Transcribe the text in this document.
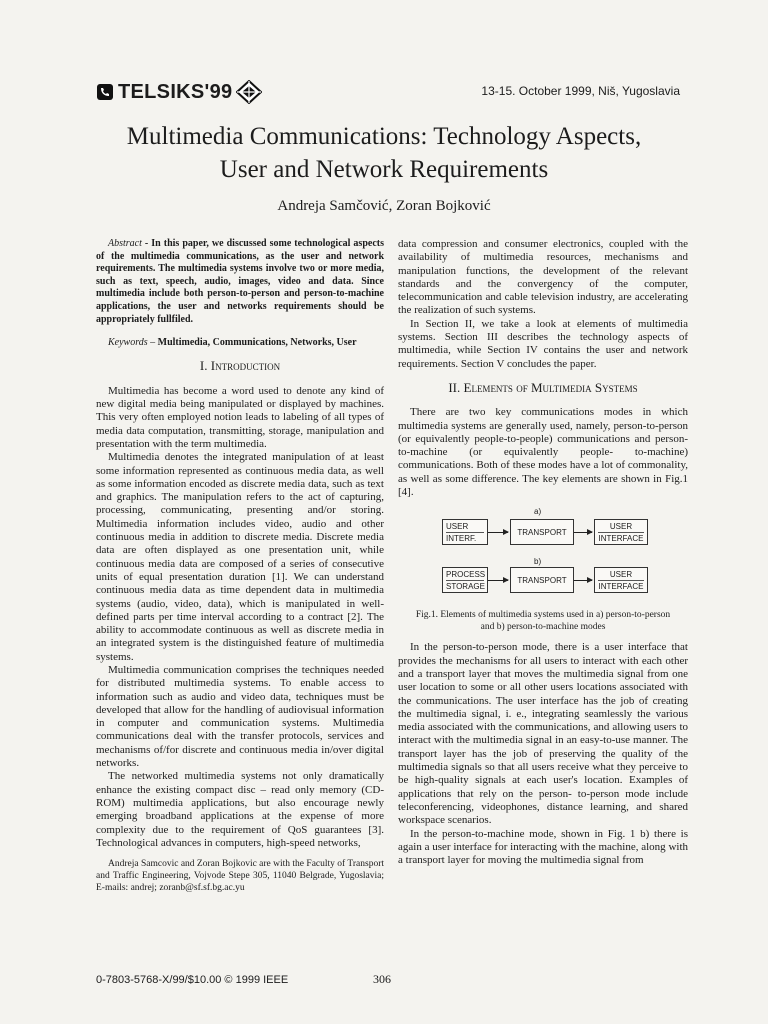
TELSIKS'99	13-15. October 1999, Niš, Yugoslavia
Multimedia Communications: Technology Aspects,
User and Network Requirements
Andreja Samčović, Zoran Bojković

Abstract - In this paper, we discussed some technological aspects of the multimedia communications, as the user and network requirements. The multimedia systems involve two or more media, such as text, speech, audio, images, video and data. Since multimedia include both person-to-person and person-to-machine applications, the user and networks requirements should be appropriately fullfiled.

Keywords – Multimedia, Communications, Networks, User

I. Introduction

Multimedia has become a word used to denote any kind of new digital media being manipulated or displayed by machines. This very often employed notion leads to labeling of all types of media data computation, transmitting, storage, manipulation and presentation with the term multimedia.

Multimedia denotes the integrated manipulation of at least some information represented as continuous media data, as well as some information encoded as discrete media data, such as text and graphics. The manipulation refers to the act of capturing, processing, communicating, presenting and/or storing. Multimedia information includes video, audio and other continuous media in addition to discrete media. Discrete media data are often displayed as one presentation unit, while continuous media data are composed of a series of consecutive units of equal presentation duration [1]. We can understand continuous media data as time dependent data in multimedia systems (audio, video, data), which is manipulated in well-defined parts per time interval according to a contract [2]. The ability to accommodate continuous as well as discrete media in an integrated system is the distinguished feature of multimedia systems.

Multimedia communication comprises the techniques needed for distributed multimedia systems. To enable access to information such as audio and video data, techniques must be developed that allow for the handling of audiovisual information in computer and communication systems. Multimedia communications deal with the transfer protocols, services and mechanisms of/for discrete and continuous media in/over digital networks.

The networked multimedia systems not only dramatically enhance the existing compact disc – read only memory (CD-ROM) multimedia applications, but also encourage newly emerging broadband applications at the expense of more complexity due to the requirement of QoS guarantees [3]. Technological advances in computers, high-speed networks,

Andreja Samcovic and Zoran Bojkovic are with the Faculty of Transport and Traffic Engineering, Vojvode Stepe 305, 11040 Belgrade, Yugoslavia; E-mails: andrej; zoranb@sf.sf.bg.ac.yu

data compression and consumer electronics, coupled with the availability of multimedia resources, mechanisms and manipulation functions, the development of the relevant standards and the convergency of the computer, telecommunication and cable television industry, are accelerating the realization of such systems.

In Section II, we take a look at elements of multimedia systems. Section III describes the technology aspects of multimedia, while Section IV contains the user and network requirements. Section V concludes the paper.

II. Elements of Multimedia Systems

There are two key communications modes in which multimedia systems are generally used, namely, person-to-person (or equivalently people-to-people) communications and person-to-machine (or equivalently people- to-machine) communications. Both of these modes have a lot of commonality, as well as some difference. The key elements are shown in Fig.1 [4].

a)
USER
INTERF.
TRANSPORT
USER
INTERFACE
b)
PROCESS
STORAGE
TRANSPORT
USER
INTERFACE

Fig.1. Elements of multimedia systems used in a) person-to-person
and b) person-to-machine modes

In the person-to-person mode, there is a user interface that provides the mechanisms for all users to interact with each other and a transport layer that moves the multimedia signal from one user location to some or all other users locations associated with the communications. The user interface has the job of creating the multimedia signal, i. e., integrating seamlessly the various media associated with the communications, and allowing users to interact with the multimedia signal in an easy-to-use manner. The transport layer has the job of preserving the quality of the multimedia signals so that all users receive what they perceive to be high-quality signals at each user's location. Examples of applications that rely on the person- to-person mode include teleconferencing, videophones, distance learning, and shared workspace scenarios.

In the person-to-machine mode, shown in Fig. 1 b) there is again a user interface for interacting with the machine, along with a transport layer for moving the multimedia signal from

0-7803-5768-X/99/$10.00 © 1999 IEEE	306
